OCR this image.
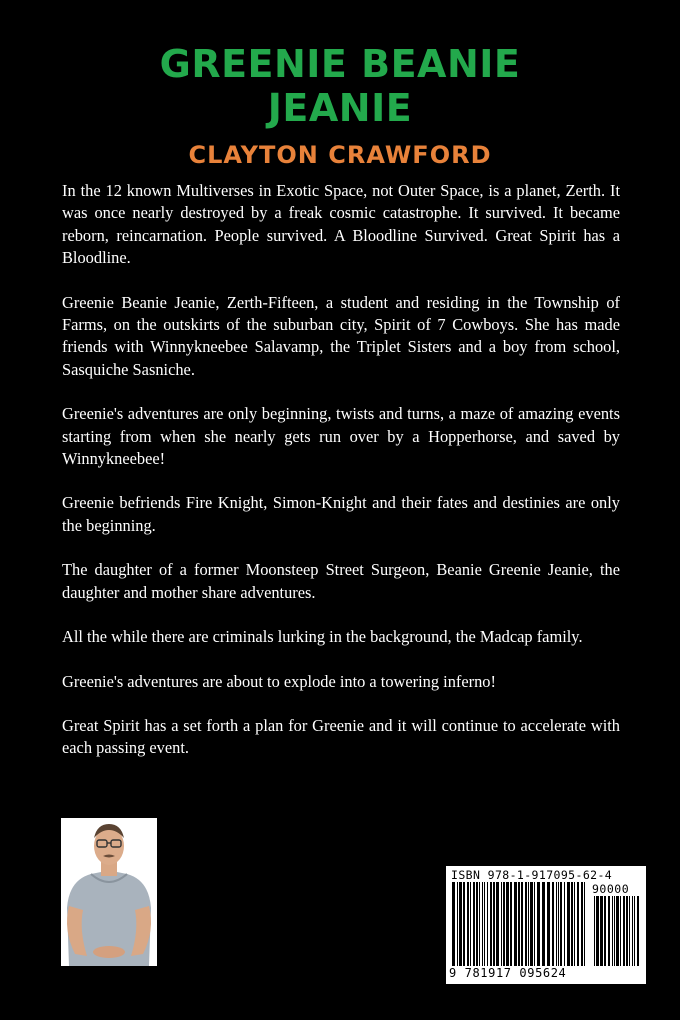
GREENIE BEANIE
JEANIE
CLAYTON CRAWFORD

In the 12 known Multiverses in Exotic Space, not Outer Space, is a planet, Zerth. It was once nearly destroyed by a freak cosmic catastrophe. It survived. It became reborn, reincarnation. People survived. A Bloodline Survived. Great Spirit has a Bloodline.

Greenie Beanie Jeanie, Zerth-Fifteen, a student and residing in the Township of Farms, on the outskirts of the suburban city, Spirit of 7 Cowboys. She has made friends with Winnykneebee Salavamp, the Triplet Sisters and a boy from school, Sasquiche Sasniche.

Greenie's adventures are only beginning, twists and turns, a maze of amazing events starting from when she nearly gets run over by a Hopperhorse, and saved by Winnykneebee!

Greenie befriends Fire Knight, Simon-Knight and their fates and destinies are only the beginning.

The daughter of a former Moonsteep Street Surgeon, Beanie Greenie Jeanie, the daughter and mother share adventures.

All the while there are criminals lurking in the background, the Madcap family.

Greenie's adventures are about to explode into a towering inferno!

Great Spirit has a set forth a plan for Greenie and it will continue to accelerate with each passing event.

ISBN 978-1-917095-62-4
90000
9 781917 095624
